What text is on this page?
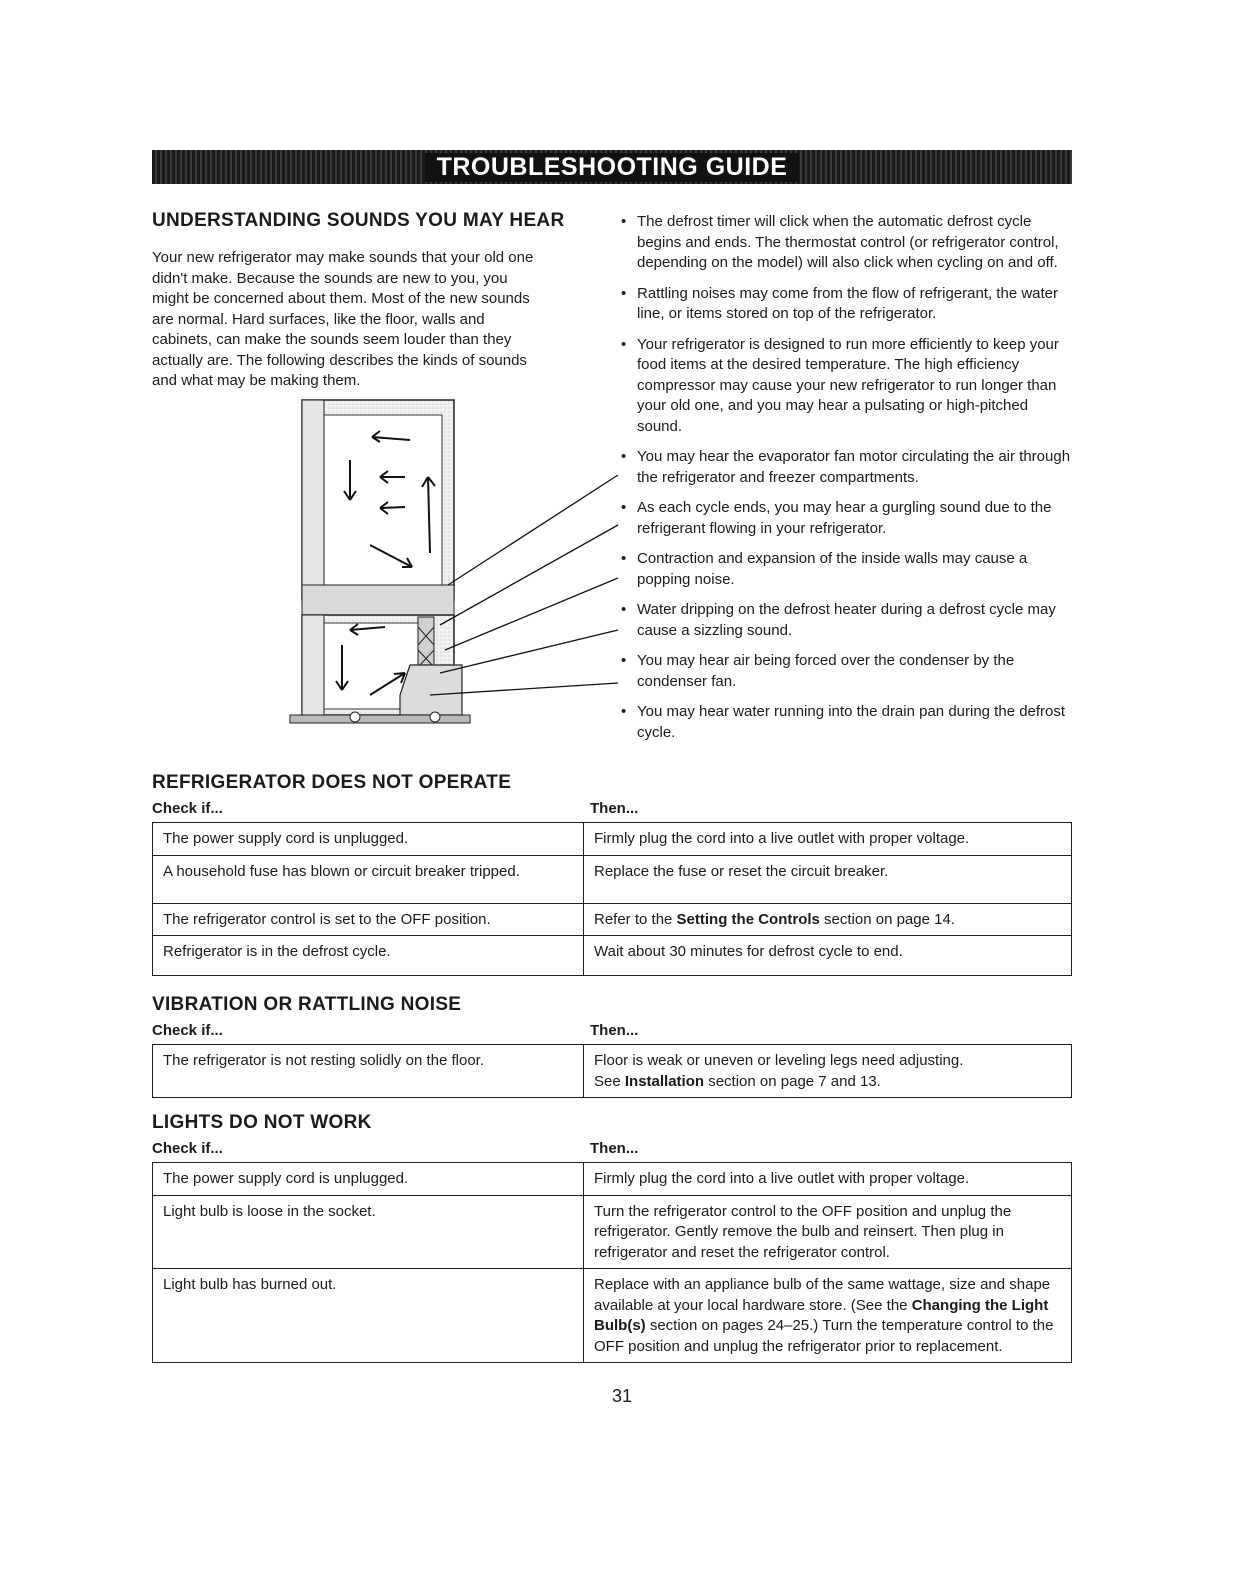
TROUBLESHOOTING GUIDE
UNDERSTANDING SOUNDS YOU MAY HEAR
Your new refrigerator may make sounds that your old one
didn't make. Because the sounds are new to you, you
might be concerned about them. Most of the new sounds
are normal. Hard surfaces, like the floor, walls and
cabinets, can make the sounds seem louder than they
actually are. The following describes the kinds of sounds
and what may be making them.
• The defrost timer will click when the automatic defrost cycle begins and ends. The thermostat control (or refrigerator control, depending on the model) will also click when cycling on and off.
• Rattling noises may come from the flow of refrigerant, the water line, or items stored on top of the refrigerator.
• Your refrigerator is designed to run more efficiently to keep your food items at the desired temperature. The high efficiency compressor may cause your new refrigerator to run longer than your old one, and you may hear a pulsating or high-pitched sound.
• You may hear the evaporator fan motor circulating the air through the refrigerator and freezer compartments.
• As each cycle ends, you may hear a gurgling sound due to the refrigerant flowing in your refrigerator.
• Contraction and expansion of the inside walls may cause a popping noise.
• Water dripping on the defrost heater during a defrost cycle may cause a sizzling sound.
• You may hear air being forced over the condenser by the condenser fan.
• You may hear water running into the drain pan during the defrost cycle.
REFRIGERATOR DOES NOT OPERATE
Check if...	Then...
The power supply cord is unplugged.	Firmly plug the cord into a live outlet with proper voltage.
A household fuse has blown or circuit breaker tripped.	Replace the fuse or reset the circuit breaker.
The refrigerator control is set to the OFF position.	Refer to the Setting the Controls section on page 14.
Refrigerator is in the defrost cycle.	Wait about 30 minutes for defrost cycle to end.
VIBRATION OR RATTLING NOISE
Check if...	Then...
The refrigerator is not resting solidly on the floor.	Floor is weak or uneven or leveling legs need adjusting.
See Installation section on page 7 and 13.
LIGHTS DO NOT WORK
Check if...	Then...
The power supply cord is unplugged.	Firmly plug the cord into a live outlet with proper voltage.
Light bulb is loose in the socket.	Turn the refrigerator control to the OFF position and unplug the refrigerator. Gently remove the bulb and reinsert. Then plug in refrigerator and reset the refrigerator control.
Light bulb has burned out.	Replace with an appliance bulb of the same wattage, size and shape available at your local hardware store. (See the Changing the Light Bulb(s) section on pages 24–25.) Turn the temperature control to the OFF position and unplug the refrigerator prior to replacement.
31
